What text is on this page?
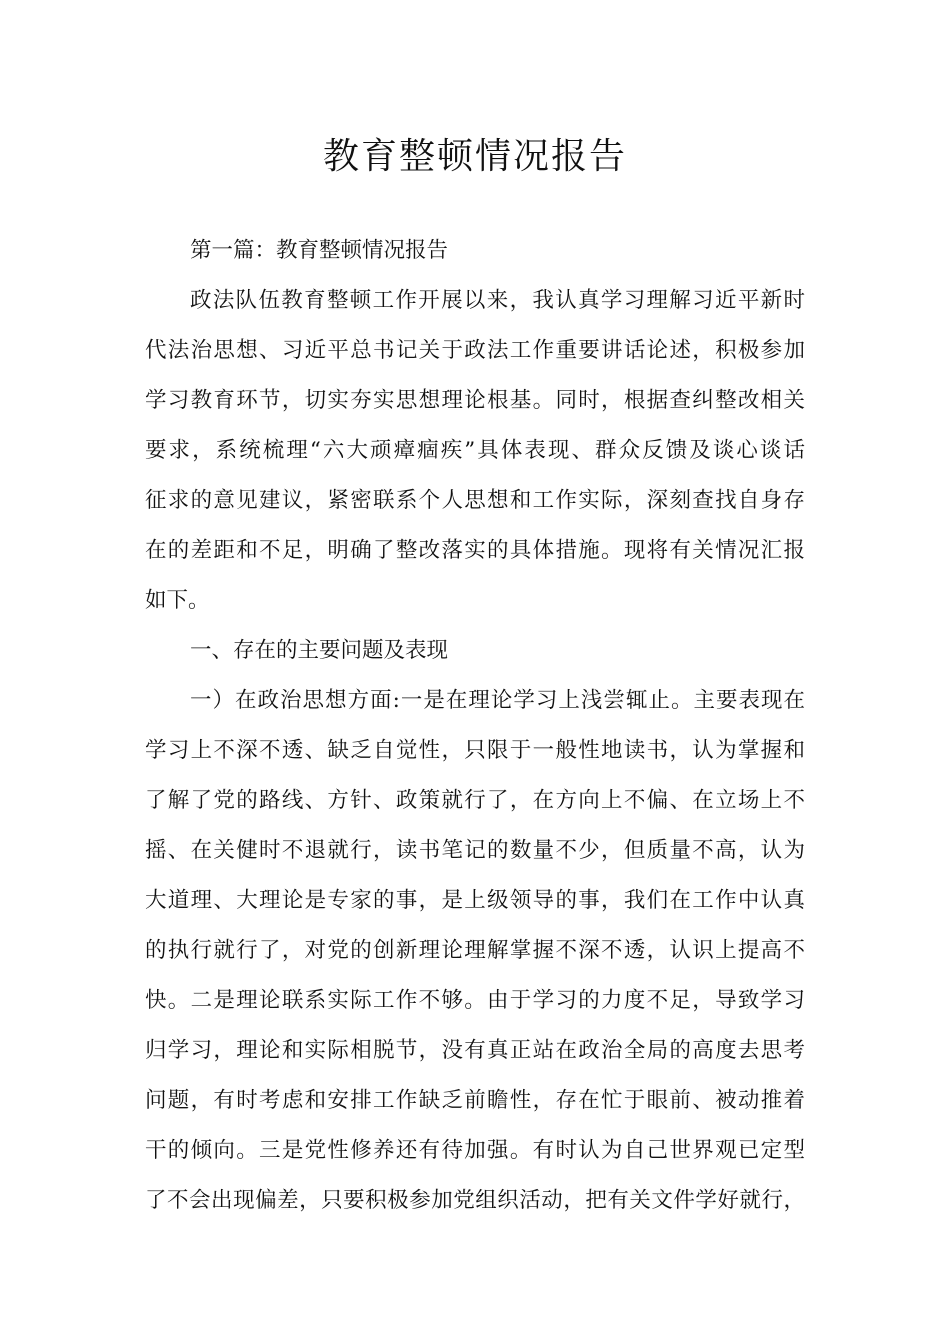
教育整顿情况报告

第一篇：教育整顿情况报告

政法队伍教育整顿工作开展以来，我认真学习理解习近平新时

代法治思想、习近平总书记关于政法工作重要讲话论述，积极参加

学习教育环节，切实夯实思想理论根基。同时，根据查纠整改相关

要求，系统梳理“六大顽瘴痼疾”具体表现、群众反馈及谈心谈话

征求的意见建议，紧密联系个人思想和工作实际，深刻查找自身存

在的差距和不足，明确了整改落实的具体措施。现将有关情况汇报

如下。

一、存在的主要问题及表现

一）在政治思想方面:一是在理论学习上浅尝辄止。主要表现在

学习上不深不透、缺乏自觉性，只限于一般性地读书，认为掌握和

了解了党的路线、方针、政策就行了，在方向上不偏、在立场上不

摇、在关健时不退就行，读书笔记的数量不少，但质量不高，认为

大道理、大理论是专家的事，是上级领导的事，我们在工作中认真

的执行就行了，对党的创新理论理解掌握不深不透，认识上提高不

快。二是理论联系实际工作不够。由于学习的力度不足，导致学习

归学习，理论和实际相脱节，没有真正站在政治全局的高度去思考

问题，有时考虑和安排工作缺乏前瞻性，存在忙于眼前、被动推着

干的倾向。三是党性修养还有待加强。有时认为自己世界观已定型

了不会出现偏差，只要积极参加党组织活动，把有关文件学好就行，
